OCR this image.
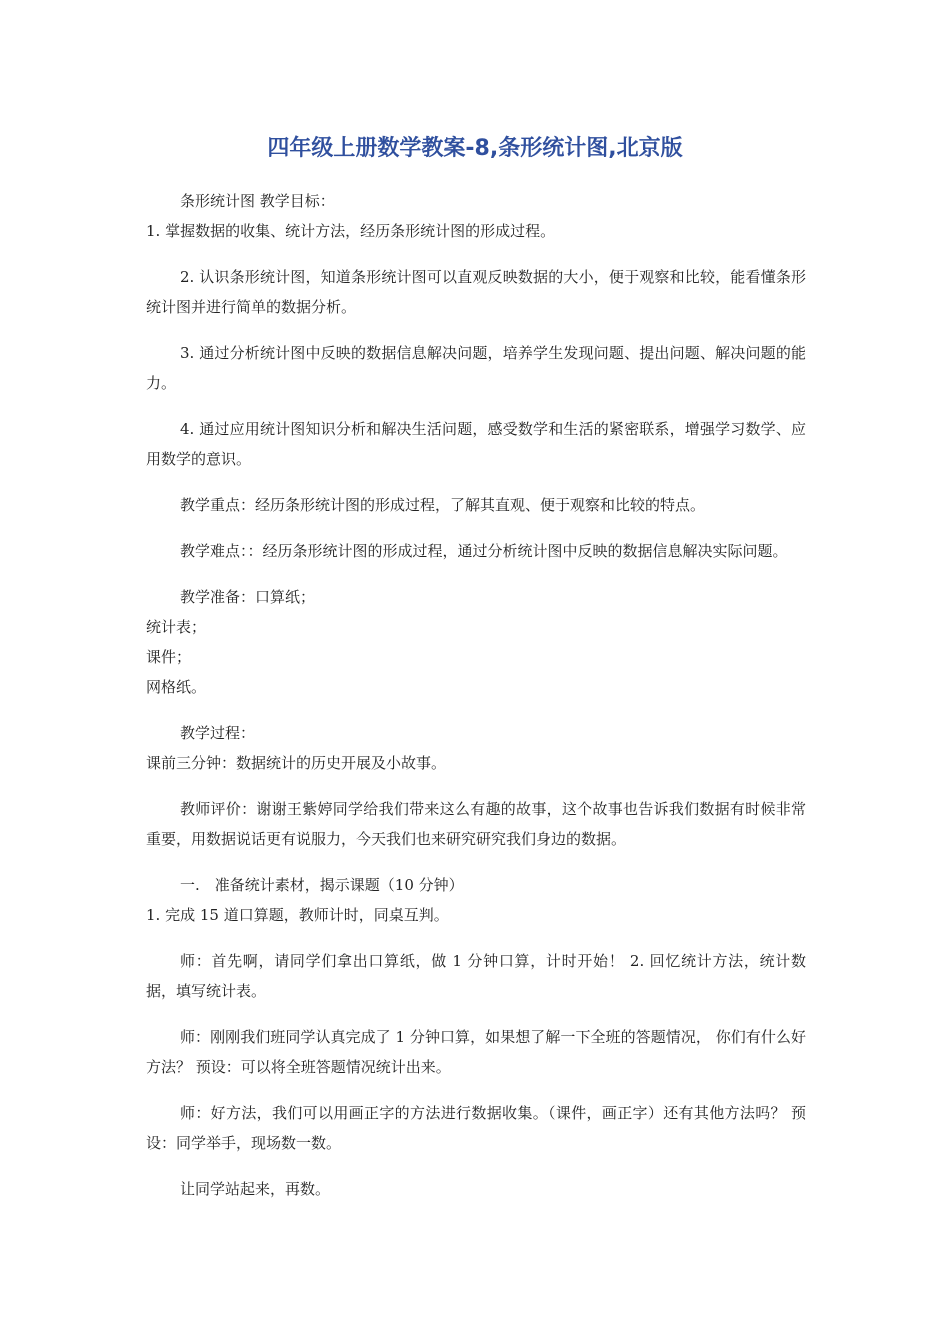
四年级上册数学教案-8,条形统计图,北京版

条形统计图 教学目标：

1. 掌握数据的收集、统计方法，经历条形统计图的形成过程。

2. 认识条形统计图，知道条形统计图可以直观反映数据的大小，便于观察和比较，能看懂条形统计图并进行简单的数据分析。

3. 通过分析统计图中反映的数据信息解决问题，培养学生发现问题、提出问题、解决问题的能力。

4. 通过应用统计图知识分析和解决生活问题，感受数学和生活的紧密联系，增强学习数学、应用数学的意识。

教学重点：经历条形统计图的形成过程，了解其直观、便于观察和比较的特点。

教学难点：：经历条形统计图的形成过程，通过分析统计图中反映的数据信息解决实际问题。

教学准备：口算纸；

统计表；

课件；

网格纸。

教学过程：

课前三分钟：数据统计的历史开展及小故事。

教师评价：谢谢王紫婷同学给我们带来这么有趣的故事，这个故事也告诉我们数据有时候非常重要，用数据说话更有说服力，今天我们也来研究研究我们身边的数据。

一.　准备统计素材，揭示课题（10 分钟）

1. 完成 15 道口算题，教师计时，同桌互判。

师：首先啊，请同学们拿出口算纸，做 1 分钟口算，计时开始！ 2. 回忆统计方法，统计数据，填写统计表。

师：刚刚我们班同学认真完成了 1 分钟口算，如果想了解一下全班的答题情况， 你们有什么好方法？ 预设：可以将全班答题情况统计出来。

师：好方法，我们可以用画正字的方法进行数据收集。（课件，画正字）还有其他方法吗？ 预设：同学举手，现场数一数。

让同学站起来，再数。
